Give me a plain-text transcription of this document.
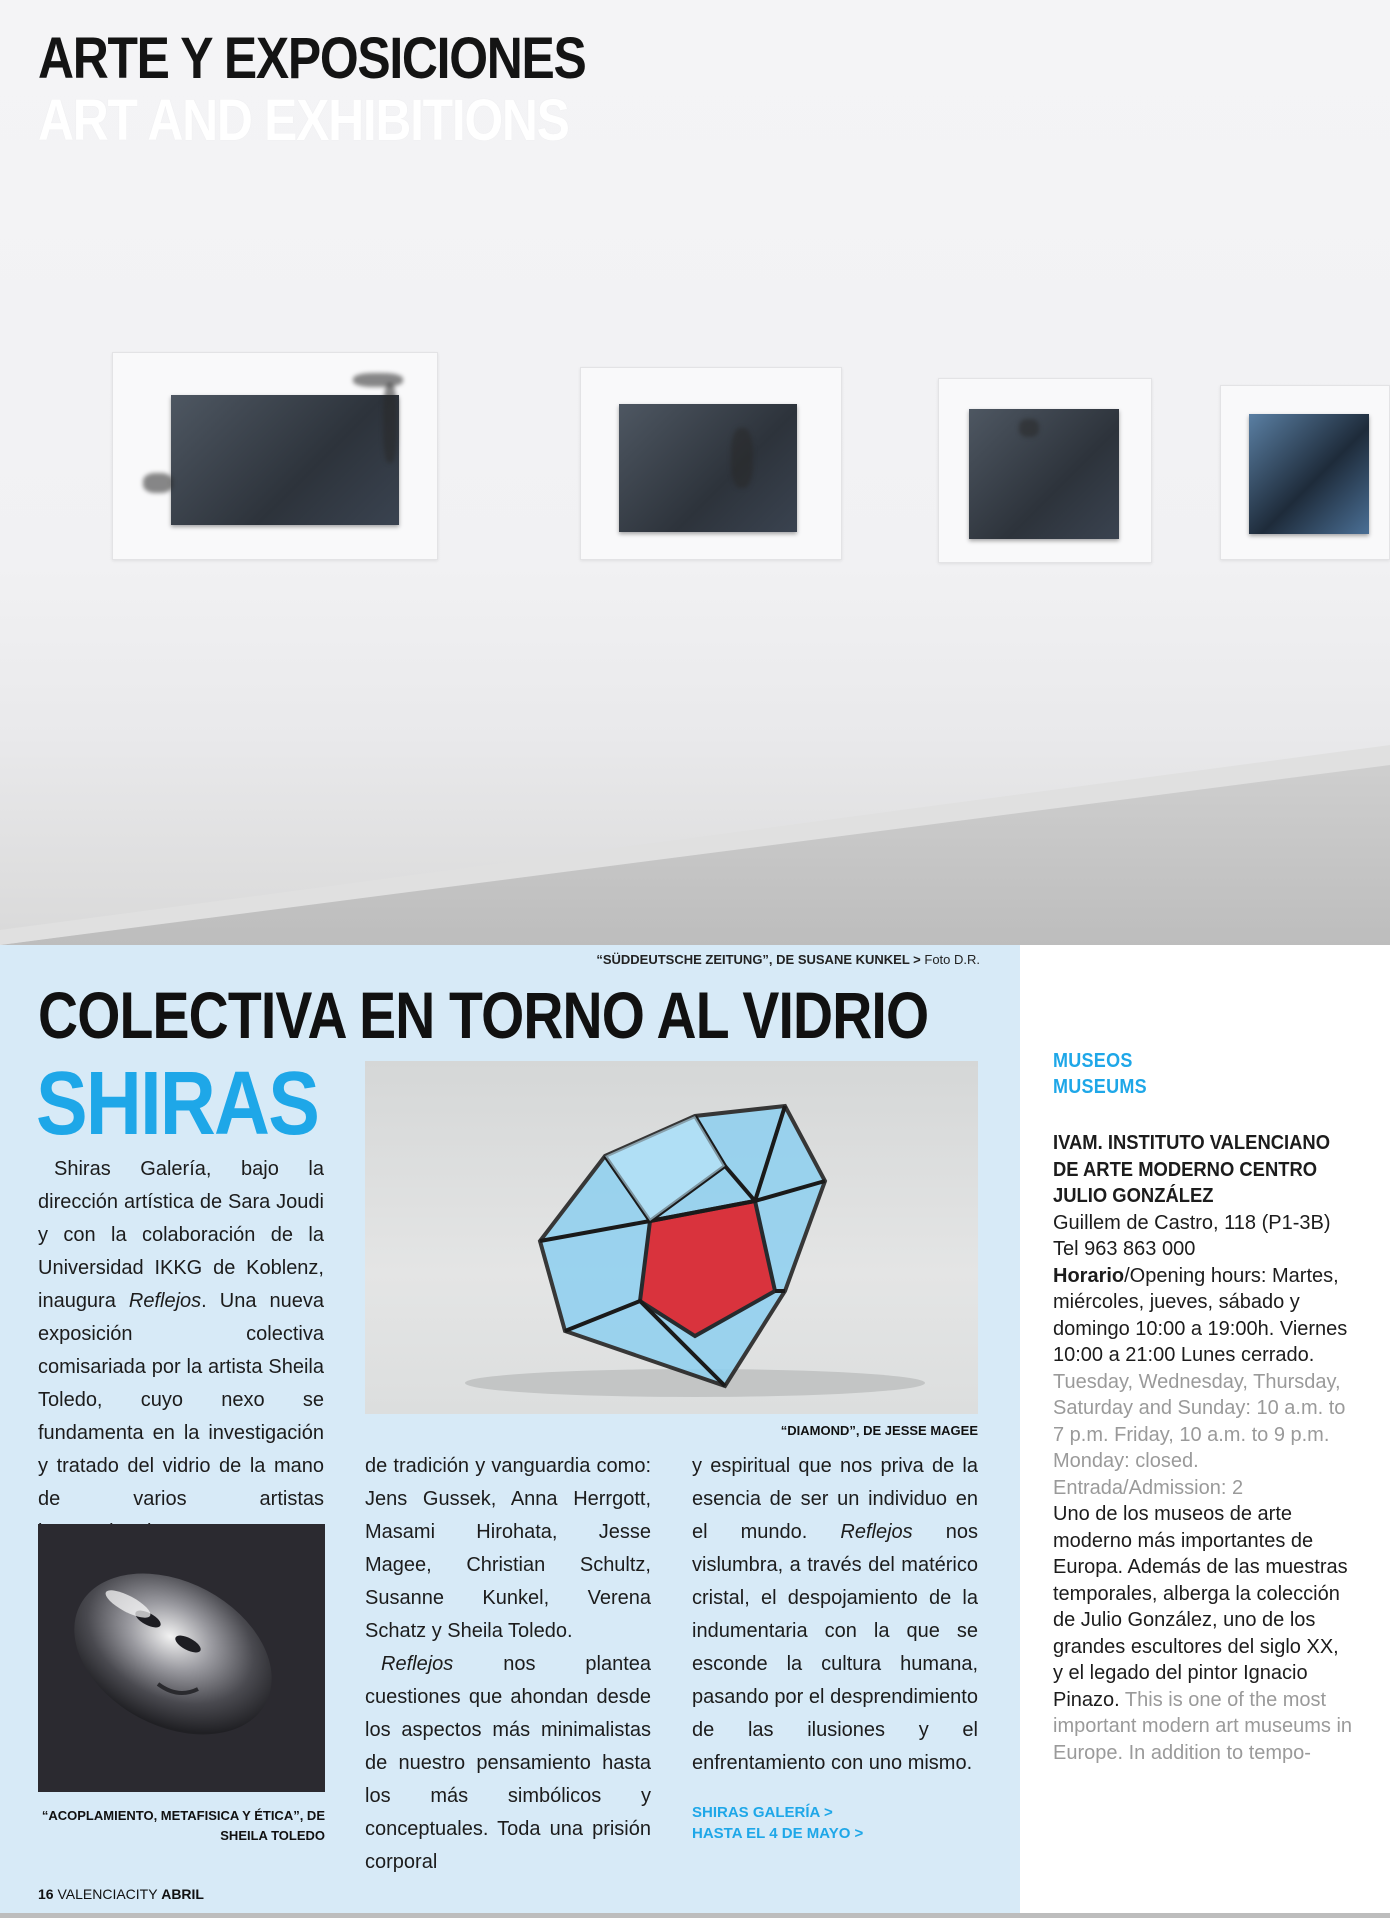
ARTE Y EXPOSICIONES
ART AND EXHIBITIONS
“SÜDDEUTSCHE ZEITUNG”, DE SUSANE KUNKEL > Foto D.R.
COLECTIVA EN TORNO AL VIDRIO
SHIRAS

Shiras Galería, bajo la dirección artística de Sara Joudi y con la colaboración de la Universidad IKKG de Koblenz, inaugura Reflejos. Una nueva exposición colectiva comisariada por la artista Sheila Toledo, cuyo nexo se fundamenta en la investigación y tratado del vidrio de la mano de varios artistas

“ACOPLAMIENTO, METAFISICA Y ÉTICA”, DE SHEILA TOLEDO
“DIAMOND”, DE JESSE MAGEE

de tradición y vanguardia como: Jens Gussek, Anna Herrgott, Masami Hirohata, Jesse Magee, Christian Schultz, Susanne Kunkel, Verena Schatz y Sheila Toledo.

Reflejos nos plantea cuestiones que ahondan desde los aspectos más minimalistas de nuestro pensamiento hasta los más simbólicos y conceptuales. Toda una prisión corporal

y espiritual que nos priva de la esencia de ser un individuo en el mundo. Reflejos nos vislumbra, a través del matérico cristal, el despojamiento de la indumentaria con la que se esconde la cultura humana, pasando por el desprendimiento de las ilusiones y el enfrentamiento con uno mismo.

SHIRAS GALERÍA >
HASTA EL 4 DE MAYO >
MUSEOS
MUSEUMS
IVAM. INSTITUTO VALENCIANO DE ARTE MODERNO CENTRO JULIO GONZÁLEZ
Guillem de Castro, 118 (P1-3B)
Tel 963 863 000
Horario/Opening hours: Martes, miércoles, jueves, sábado y domingo 10:00 a 19:00h. Viernes 10:00 a 21:00 Lunes cerrado. Tuesday, Wednesday, Thursday, Saturday and Sunday: 10 a.m. to 7 p.m. Friday, 10 a.m. to 9 p.m. Monday: closed. Entrada/Admission: 2
Uno de los museos de arte moderno más importantes de Europa. Además de las muestras temporales, alberga la colección de Julio González, uno de los grandes escultores del siglo XX, y el legado del pintor Ignacio Pinazo. This is one of the most important modern art museums in Europe. In addition to tempo-
16 VALENCIACITY ABRIL
